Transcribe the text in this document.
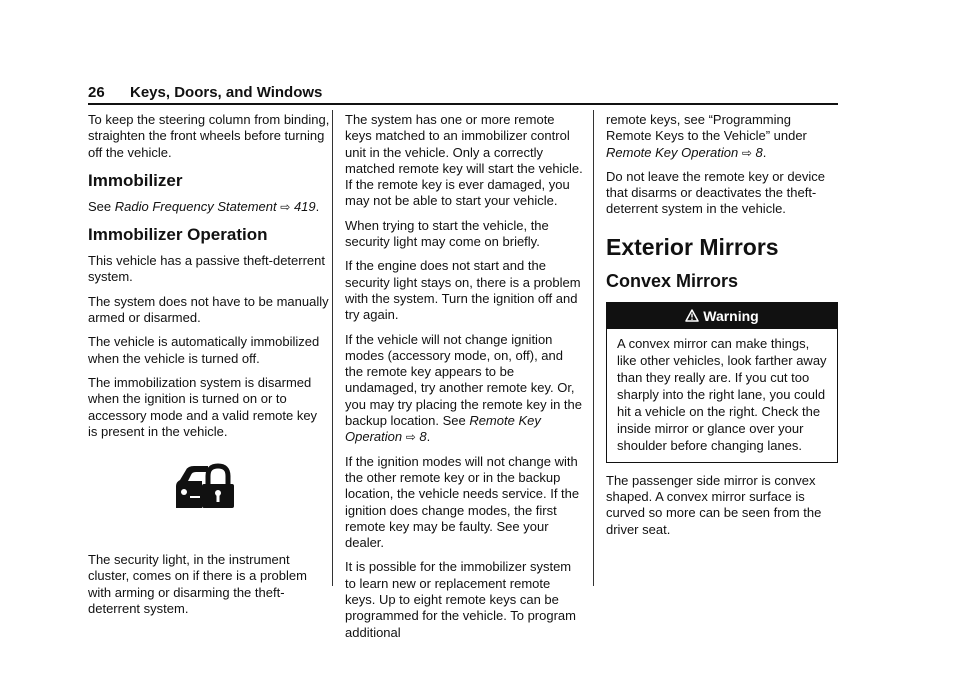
26 Keys, Doors, and Windows

To keep the steering column from binding, straighten the front wheels before turning off the vehicle.

Immobilizer

See Radio Frequency Statement ⇨ 419.

Immobilizer Operation

This vehicle has a passive theft-deterrent system.

The system does not have to be manually armed or disarmed.

The vehicle is automatically immobilized when the vehicle is turned off.

The immobilization system is disarmed when the ignition is turned on or to accessory mode and a valid remote key is present in the vehicle.

The security light, in the instrument cluster, comes on if there is a problem with arming or disarming the theft-deterrent system.

The system has one or more remote keys matched to an immobilizer control unit in the vehicle. Only a correctly matched remote key will start the vehicle. If the remote key is ever damaged, you may not be able to start your vehicle.

When trying to start the vehicle, the security light may come on briefly.

If the engine does not start and the security light stays on, there is a problem with the system. Turn the ignition off and try again.

If the vehicle will not change ignition modes (accessory mode, on, off), and the remote key appears to be undamaged, try another remote key. Or, you may try placing the remote key in the backup location. See Remote Key Operation ⇨ 8.

If the ignition modes will not change with the other remote key or in the backup location, the vehicle needs service. If the ignition does change modes, the first remote key may be faulty. See your dealer.

It is possible for the immobilizer system to learn new or replacement remote keys. Up to eight remote keys can be programmed for the vehicle. To program additional

remote keys, see “Programming Remote Keys to the Vehicle” under Remote Key Operation ⇨ 8.

Do not leave the remote key or device that disarms or deactivates the theft-deterrent system in the vehicle.

Exterior Mirrors
Convex Mirrors
Warning
A convex mirror can make things, like other vehicles, look farther away than they really are. If you cut too sharply into the right lane, you could hit a vehicle on the right. Check the inside mirror or glance over your shoulder before changing lanes.

The passenger side mirror is convex shaped. A convex mirror surface is curved so more can be seen from the driver seat.
